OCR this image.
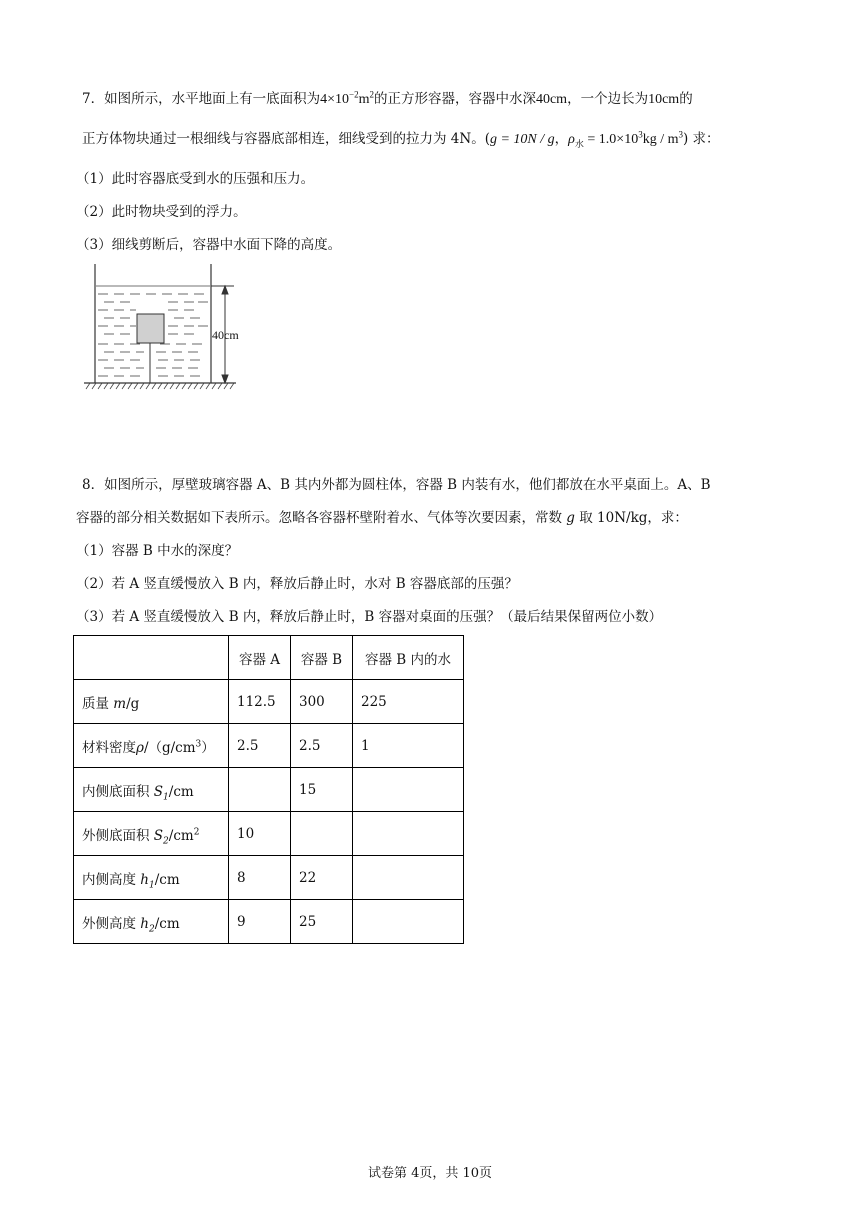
7．如图所示，水平地面上有一底面积为$4\times 10^{-2}m^2$的正方形容器，容器中水深40cm，一个边长为10cm的
正方体物块通过一根细线与容器底部相连，细线受到的拉力为 4N。(g = 10N / g，$\rho_水 = 1.0\times 10^3kg / m^3$) 求：
（1）此时容器底受到水的压强和压力。
（2）此时物块受到的浮力。
（3）细线剪断后，容器中水面下降的高度。
40cm
8．如图所示，厚壁玻璃容器 A、B 其内外都为圆柱体，容器 B 内装有水，他们都放在水平桌面上。A、B
容器的部分相关数据如下表所示。忽略各容器杯壁附着水、气体等次要因素，常数 g 取 10N/kg，求：
（1）容器 B 中水的深度？
（2）若 A 竖直缓慢放入 B 内，释放后静止时，水对 B 容器底部的压强？
（3）若 A 竖直缓慢放入 B 内，释放后静止时，B 容器对桌面的压强？（最后结果保留两位小数）
	容器 A	容器 B	容器 B 内的水
质量 m/g	112.5	300	225
材料密度$\rho/(g/cm^3)$	2.5	2.5	1
内侧底面积 $S_1/cm$		15	
外侧底面积 $S_2/cm^2$	10		
内侧高度 $h_1/cm$	8	22	
外侧高度 $h_2/cm$	9	25	
试卷第 4页，共 10页
